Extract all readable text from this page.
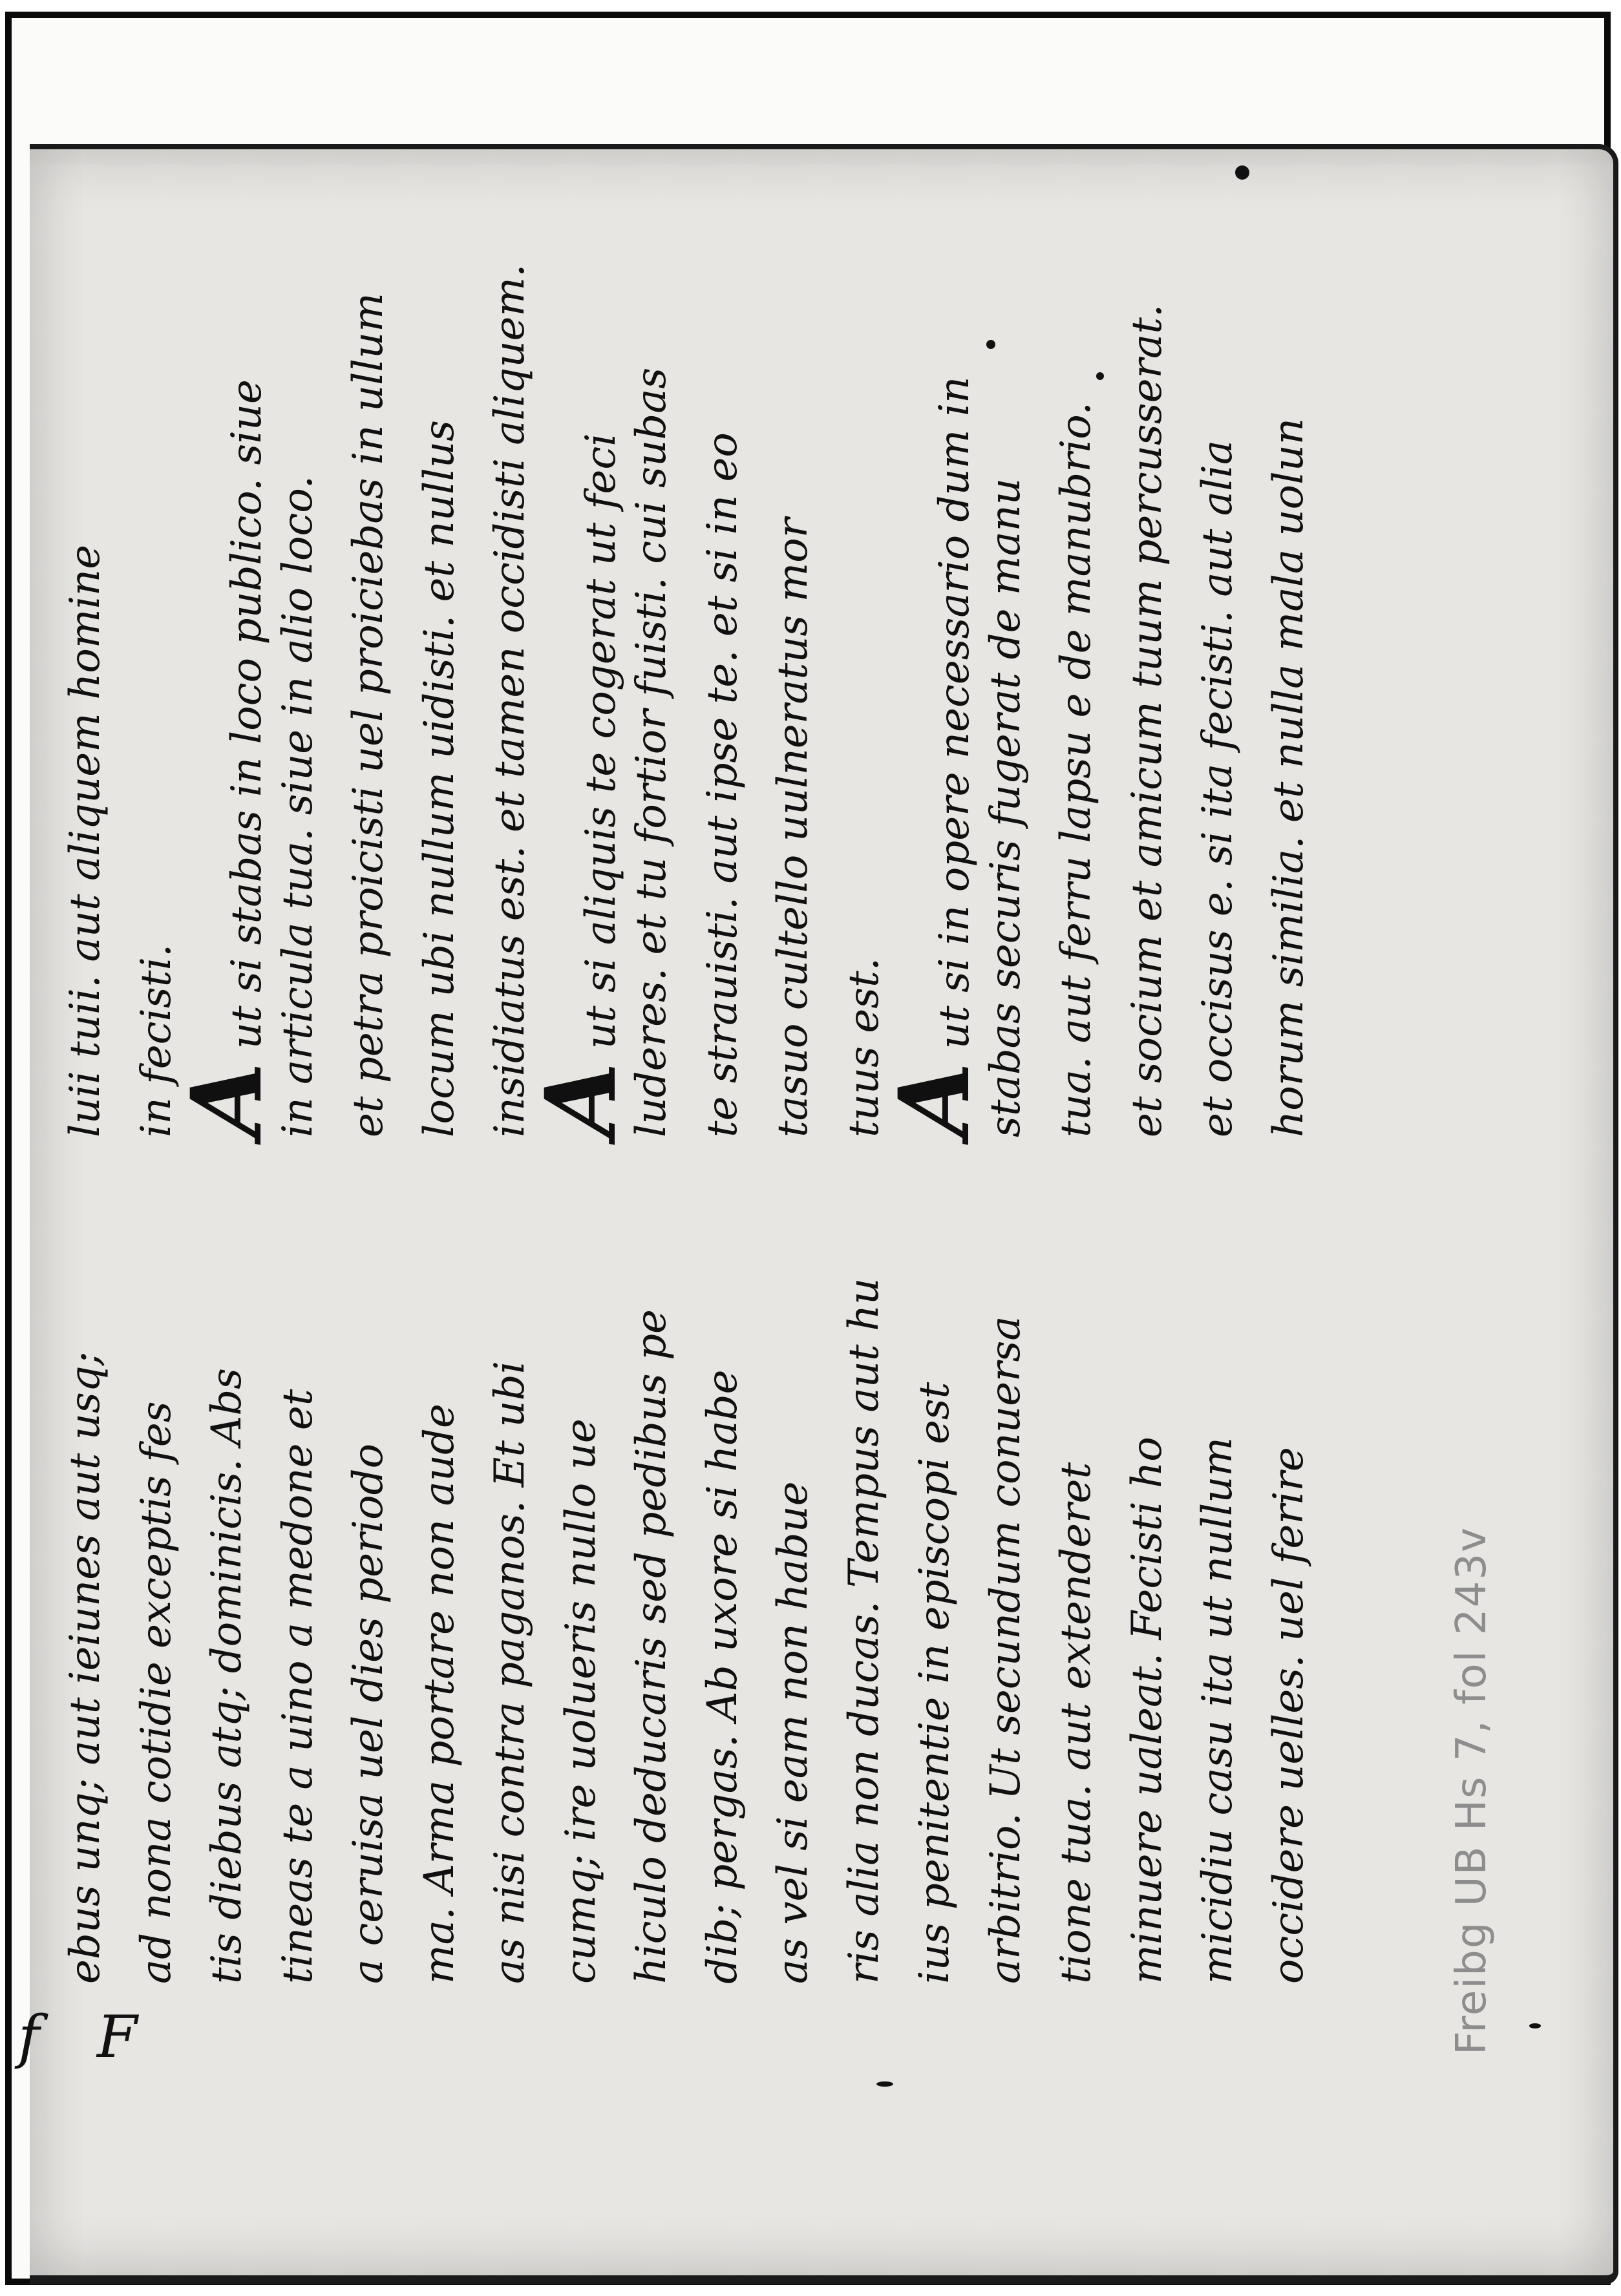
f F
ebus unq; aut ieiunes aut usq; ad nona cotidie exceptis fes tis diebus atq; dominicis. Abs tineas te a uino a medone et a ceruisa uel dies periodo ma. Arma portare non aude as nisi contra paganos. Et ubi cumq; ire uolueris nullo ue hiculo deducaris sed pedibus pe dib; pergas. Ab uxore si habe as vel si eam non habue ris alia non ducas. Tempus aut hu ius penitentie in episcopi est arbitrio. Ut secundum conuersa tione tua. aut extenderet minuere ualeat. Fecisti ho micidiu casu ita ut nullum occidere uelles. uel ferire
luii tuii. aut aliquem homine in fecisti.
A ut si stabas in loco publico. siue in articula tua. siue in alio loco. et petra proicisti uel proiciebas in ullum locum ubi nullum uidisti. et nullus insidiatus est. et tamen occidisti aliquem.
A ut si aliquis te cogerat ut feci luderes. et tu fortior fuisti. cui subas te strauisti. aut ipse te. et si in eo tasuo cultello uulneratus mor tuus est.
A ut si in opere necessario dum in stabas securis fugerat de manu tua. aut ferru lapsu e de manubrio. et socium et amicum tuum percusserat. et occisus e. si ita fecisti. aut alia horum similia. et nulla mala uolun
Freibg UB Hs 7, fol 243v
